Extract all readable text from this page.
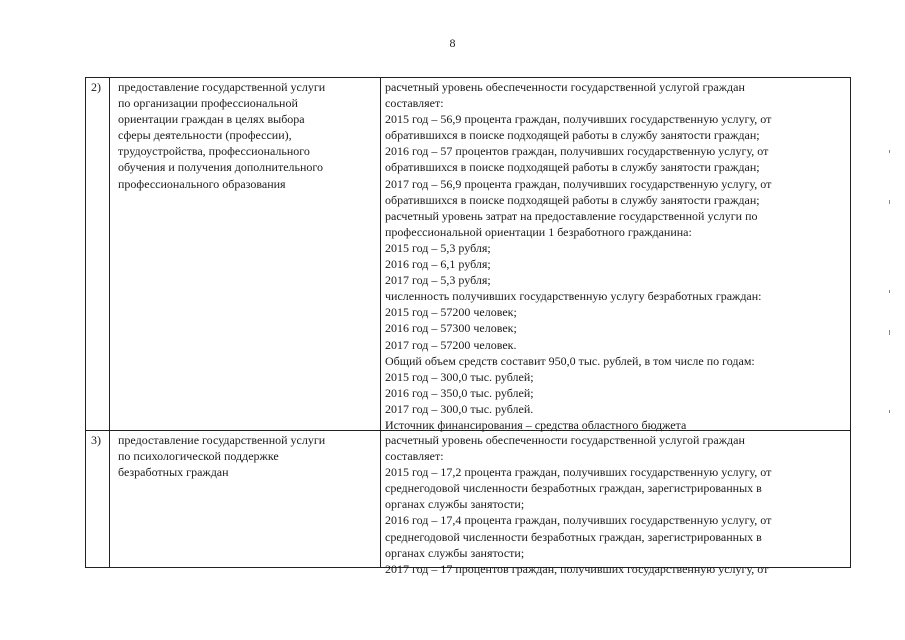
8
2)	предоставление государственной услуги
по организации профессиональной
ориентации граждан в целях выбора
сферы деятельности (профессии),
трудоустройства, профессионального
обучения и получения дополнительного
профессионального образования
расчетный уровень обеспеченности государственной услугой граждан
составляет:
2015 год – 56,9 процента граждан, получивших государственную услугу, от
обратившихся в поиске подходящей работы в службу занятости граждан;
2016 год – 57 процентов граждан, получивших государственную услугу, от
обратившихся в поиске подходящей работы в службу занятости граждан;
2017 год – 56,9 процента граждан, получивших государственную услугу, от
обратившихся в поиске подходящей работы в службу занятости граждан;
расчетный уровень затрат на предоставление государственной услуги по
профессиональной ориентации 1 безработного гражданина:
2015 год – 5,3 рубля;
2016 год – 6,1 рубля;
2017 год – 5,3 рубля;
численность получивших государственную услугу безработных граждан:
2015 год – 57200 человек;
2016 год – 57300 человек;
2017 год – 57200 человек.
Общий объем средств составит 950,0 тыс. рублей, в том числе по годам:
2015 год – 300,0 тыс. рублей;
2016 год – 350,0 тыс. рублей;
2017 год – 300,0 тыс. рублей.
Источник финансирования – средства областного бюджета
3)	предоставление государственной услуги
по психологической поддержке
безработных граждан
расчетный уровень обеспеченности государственной услугой граждан
составляет:
2015 год – 17,2 процента граждан, получивших государственную услугу, от
среднегодовой численности безработных граждан, зарегистрированных в
органах службы занятости;
2016 год – 17,4 процента граждан, получивших государственную услугу, от
среднегодовой численности безработных граждан, зарегистрированных в
органах службы занятости;
2017 год – 17 процентов граждан, получивших государственную услугу, от
